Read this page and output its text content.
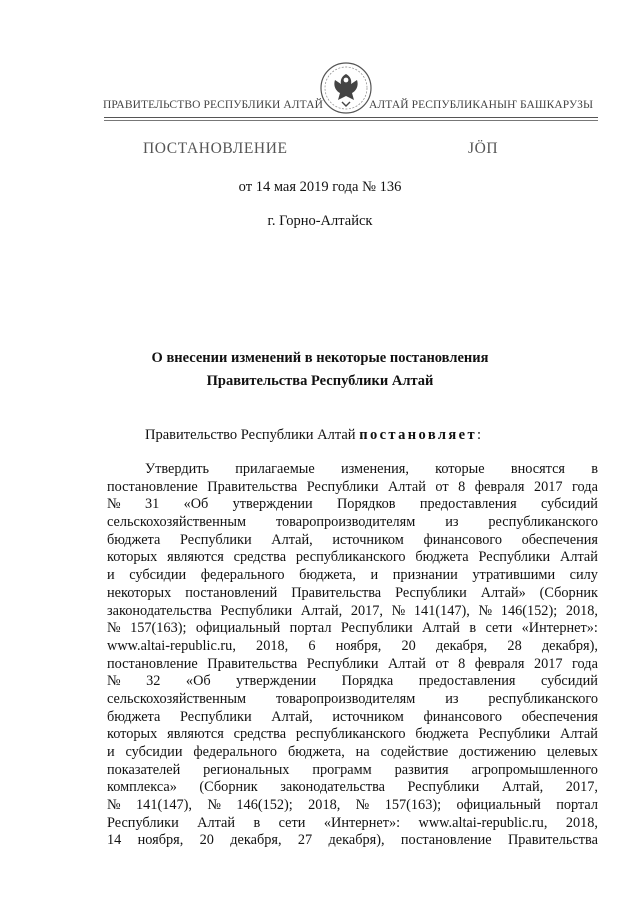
ПРАВИТЕЛЬСТВО РЕСПУБЛИКИ АЛТАЙ	АЛТАЙ РЕСПУБЛИКАНЫҤ БАШКАРУЗЫ
ПОСТАНОВЛЕНИЕ	ЈӦП
от 14 мая 2019 года № 136
г. Горно-Алтайск
О внесении изменений в некоторые постановления
Правительства Республики Алтай
Правительство Республики Алтай постановляет:
Утвердить прилагаемые изменения, которые вносятся в
постановление Правительства Республики Алтай от 8 февраля 2017 года
№ 31 «Об утверждении Порядков предоставления субсидий
сельскохозяйственным товаропроизводителям из республиканского
бюджета Республики Алтай, источником финансового обеспечения
которых являются средства республиканского бюджета Республики Алтай
и субсидии федерального бюджета, и признании утратившими силу
некоторых постановлений Правительства Республики Алтай» (Сборник
законодательства Республики Алтай, 2017, № 141(147), № 146(152); 2018,
№ 157(163); официальный портал Республики Алтай в сети «Интернет»:
www.altai-republic.ru, 2018, 6 ноября, 20 декабря, 28 декабря),
постановление Правительства Республики Алтай от 8 февраля 2017 года
№ 32 «Об утверждении Порядка предоставления субсидий
сельскохозяйственным товаропроизводителям из республиканского
бюджета Республики Алтай, источником финансового обеспечения
которых являются средства республиканского бюджета Республики Алтай
и субсидии федерального бюджета, на содействие достижению целевых
показателей региональных программ развития агропромышленного
комплекса» (Сборник законодательства Республики Алтай, 2017,
№ 141(147), № 146(152); 2018, № 157(163); официальный портал
Республики Алтай в сети «Интернет»: www.altai-republic.ru, 2018,
14 ноября, 20 декабря, 27 декабря), постановление Правительства
